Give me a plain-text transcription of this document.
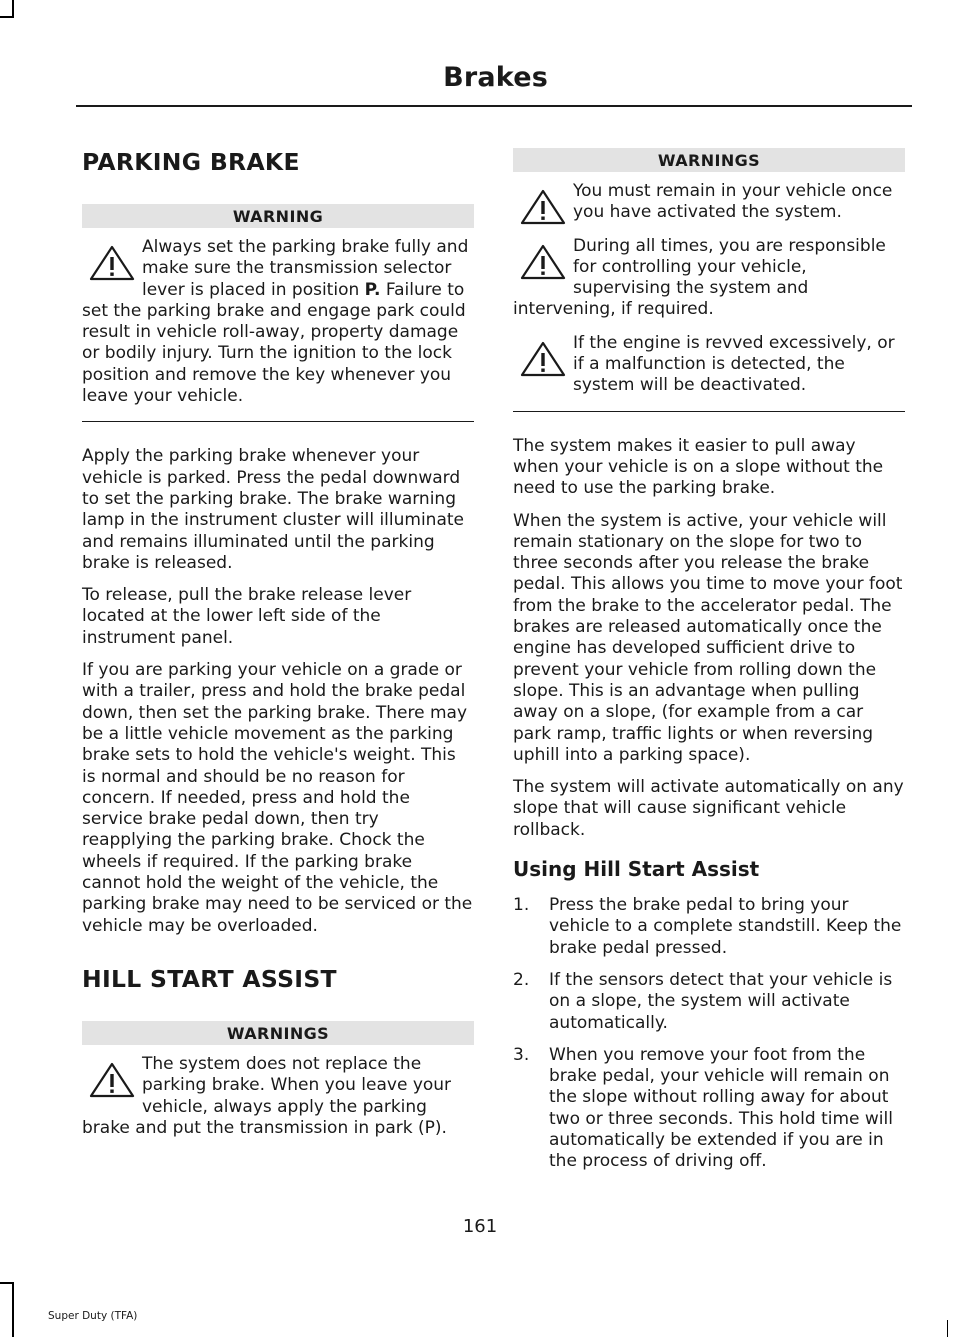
Brakes
PARKING BRAKE
WARNING
Always set the parking brake fully and make sure the transmission selector lever is placed in position P. Failure to set the parking brake and engage park could result in vehicle roll-away, property damage or bodily injury. Turn the ignition to the lock position and remove the key whenever you leave your vehicle.

Apply the parking brake whenever your vehicle is parked. Press the pedal downward to set the parking brake. The brake warning lamp in the instrument cluster will illuminate and remains illuminated until the parking brake is released.

To release, pull the brake release lever located at the lower left side of the instrument panel.

If you are parking your vehicle on a grade or with a trailer, press and hold the brake pedal down, then set the parking brake. There may be a little vehicle movement as the parking brake sets to hold the vehicle's weight. This is normal and should be no reason for concern. If needed, press and hold the service brake pedal down, then try reapplying the parking brake. Chock the wheels if required. If the parking brake cannot hold the weight of the vehicle, the parking brake may need to be serviced or the vehicle may be overloaded.

HILL START ASSIST
WARNINGS
The system does not replace the parking brake. When you leave your vehicle, always apply the parking brake and put the transmission in park (P).
WARNINGS
You must remain in your vehicle once you have activated the system.
During all times, you are responsible for controlling your vehicle, supervising the system and intervening, if required.
If the engine is revved excessively, or if a malfunction is detected, the system will be deactivated.

The system makes it easier to pull away when your vehicle is on a slope without the need to use the parking brake.

When the system is active, your vehicle will remain stationary on the slope for two to three seconds after you release the brake pedal. This allows you time to move your foot from the brake to the accelerator pedal. The brakes are released automatically once the engine has developed sufficient drive to prevent your vehicle from rolling down the slope. This is an advantage when pulling away on a slope, (for example from a car park ramp, traffic lights or when reversing uphill into a parking space).

The system will activate automatically on any slope that will cause significant vehicle rollback.

Using Hill Start Assist
1. Press the brake pedal to bring your vehicle to a complete standstill. Keep the brake pedal pressed.
2. If the sensors detect that your vehicle is on a slope, the system will activate automatically.
3. When you remove your foot from the brake pedal, your vehicle will remain on the slope without rolling away for about two or three seconds. This hold time will automatically be extended if you are in the process of driving off.
161
Super Duty (TFA)
